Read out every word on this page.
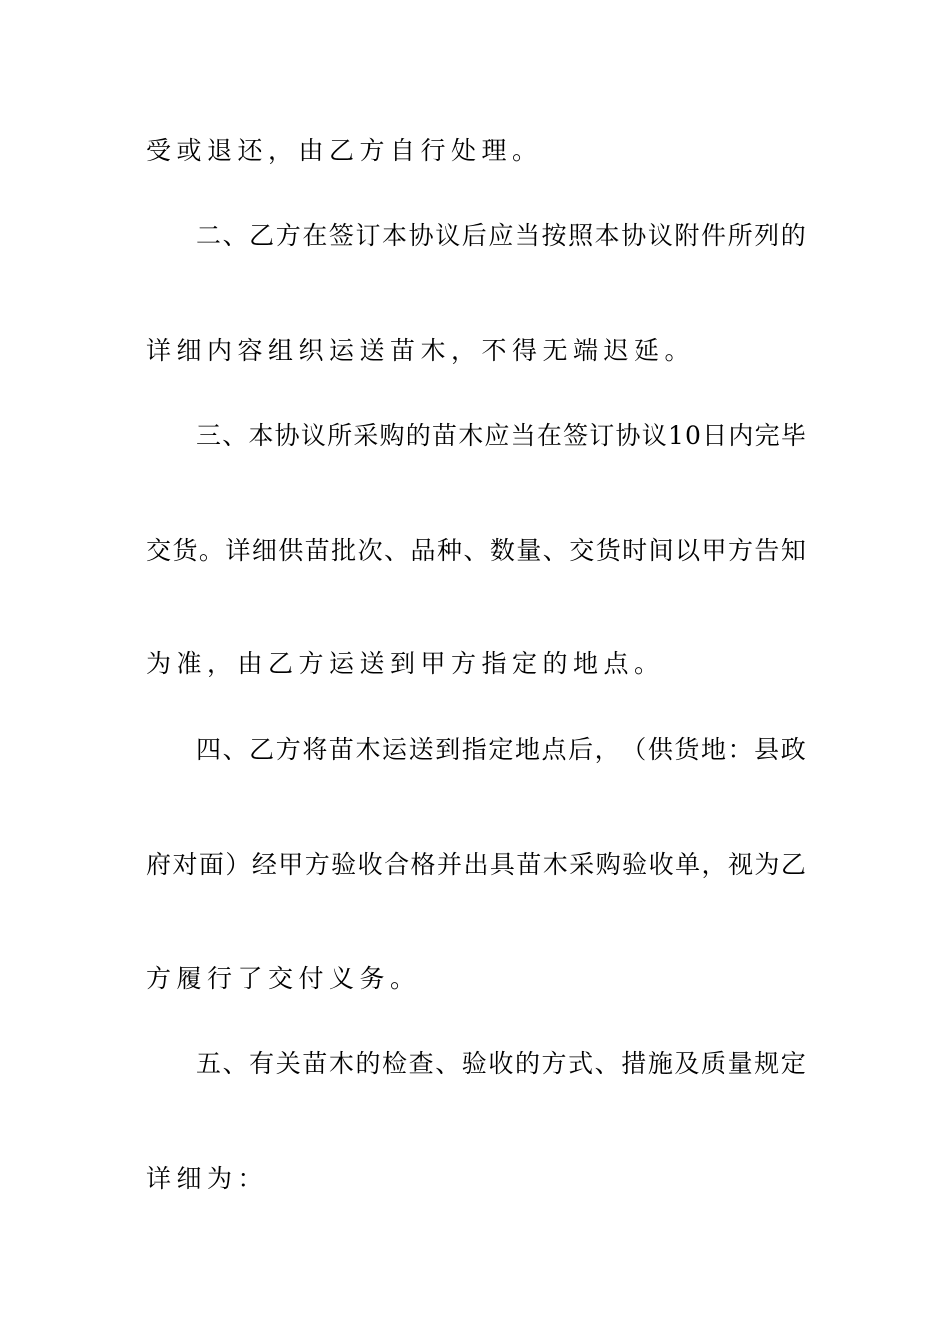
受或退还，由乙方自行处理。
二 、 乙 方 在 签 订 本 协 议 后 应 当 按 照 本 协 议 附 件 所 列 的
详细内容组织运送苗木，不得无端迟延。
三 、 本 协 议 所 采 购 的 苗 木 应 当 在 签 订 协 议 1 0 日 内 完 毕
交 货 。 详 细 供 苗 批 次 、 品 种 、 数 量 、 交 货 时 间 以 甲 方 告 知
为准，由乙方运送到甲方指定的地点。
四 、 乙 方 将 苗 木 运 送 到 指 定 地 点 后 ， （ 供 货 地 ： 县 政
府 对 面 ） 经 甲 方 验 收 合 格 并 出 具 苗 木 采 购 验 收 单 ， 视 为 乙
方履行了交付义务。
五 、 有 关 苗 木 的 检 查 、 验 收 的 方 式 、 措 施 及 质 量 规 定
详细为：
